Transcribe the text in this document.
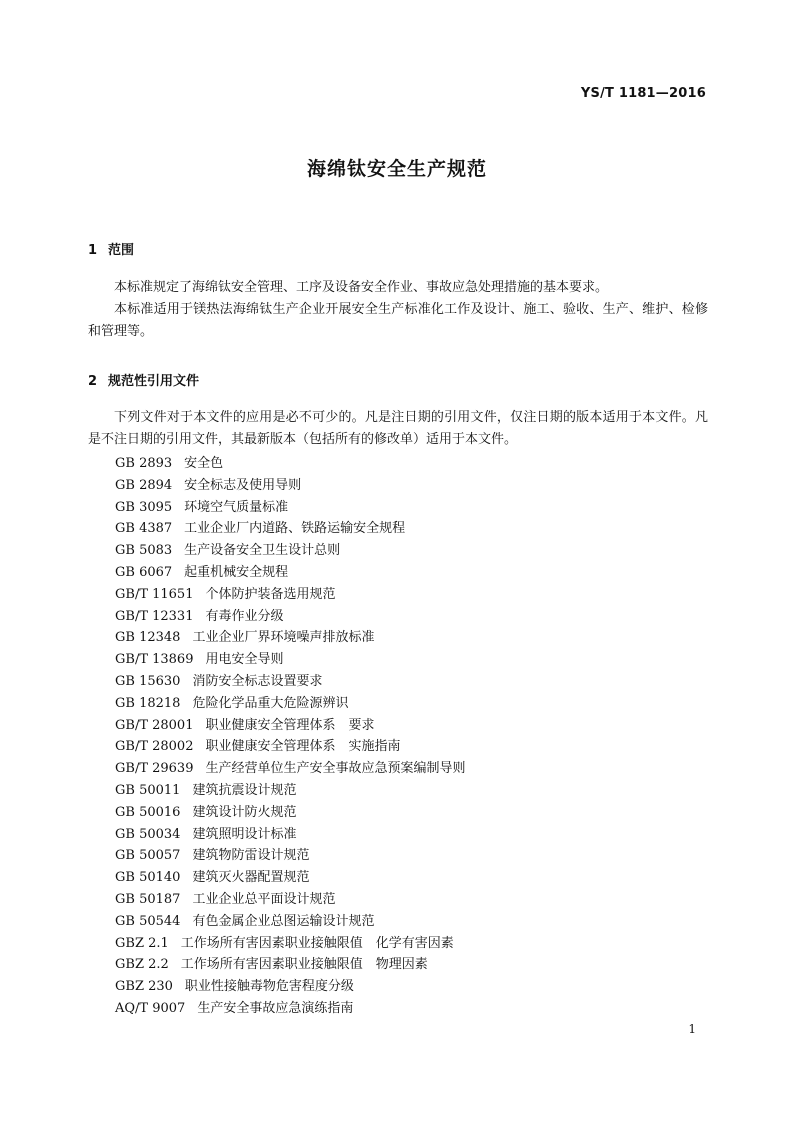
YS/T 1181—2016
海绵钛安全生产规范
1 范围

本标准规定了海绵钛安全管理、工序及设备安全作业、事故应急处理措施的基本要求。

本标准适用于镁热法海绵钛生产企业开展安全生产标准化工作及设计、施工、验收、生产、维护、检修和管理等。

2 规范性引用文件

下列文件对于本文件的应用是必不可少的。凡是注日期的引用文件，仅注日期的版本适用于本文件。凡是不注日期的引用文件，其最新版本（包括所有的修改单）适用于本文件。

GB 2893 安全色
GB 2894 安全标志及使用导则
GB 3095 环境空气质量标准
GB 4387 工业企业厂内道路、铁路运输安全规程
GB 5083 生产设备安全卫生设计总则
GB 6067 起重机械安全规程
GB/T 11651 个体防护装备选用规范
GB/T 12331 有毒作业分级
GB 12348 工业企业厂界环境噪声排放标准
GB/T 13869 用电安全导则
GB 15630 消防安全标志设置要求
GB 18218 危险化学品重大危险源辨识
GB/T 28001 职业健康安全管理体系　要求
GB/T 28002 职业健康安全管理体系　实施指南
GB/T 29639 生产经营单位生产安全事故应急预案编制导则
GB 50011 建筑抗震设计规范
GB 50016 建筑设计防火规范
GB 50034 建筑照明设计标准
GB 50057 建筑物防雷设计规范
GB 50140 建筑灭火器配置规范
GB 50187 工业企业总平面设计规范
GB 50544 有色金属企业总图运输设计规范
GBZ 2.1 工作场所有害因素职业接触限值　化学有害因素
GBZ 2.2 工作场所有害因素职业接触限值　物理因素
GBZ 230 职业性接触毒物危害程度分级
AQ/T 9007 生产安全事故应急演练指南
1
